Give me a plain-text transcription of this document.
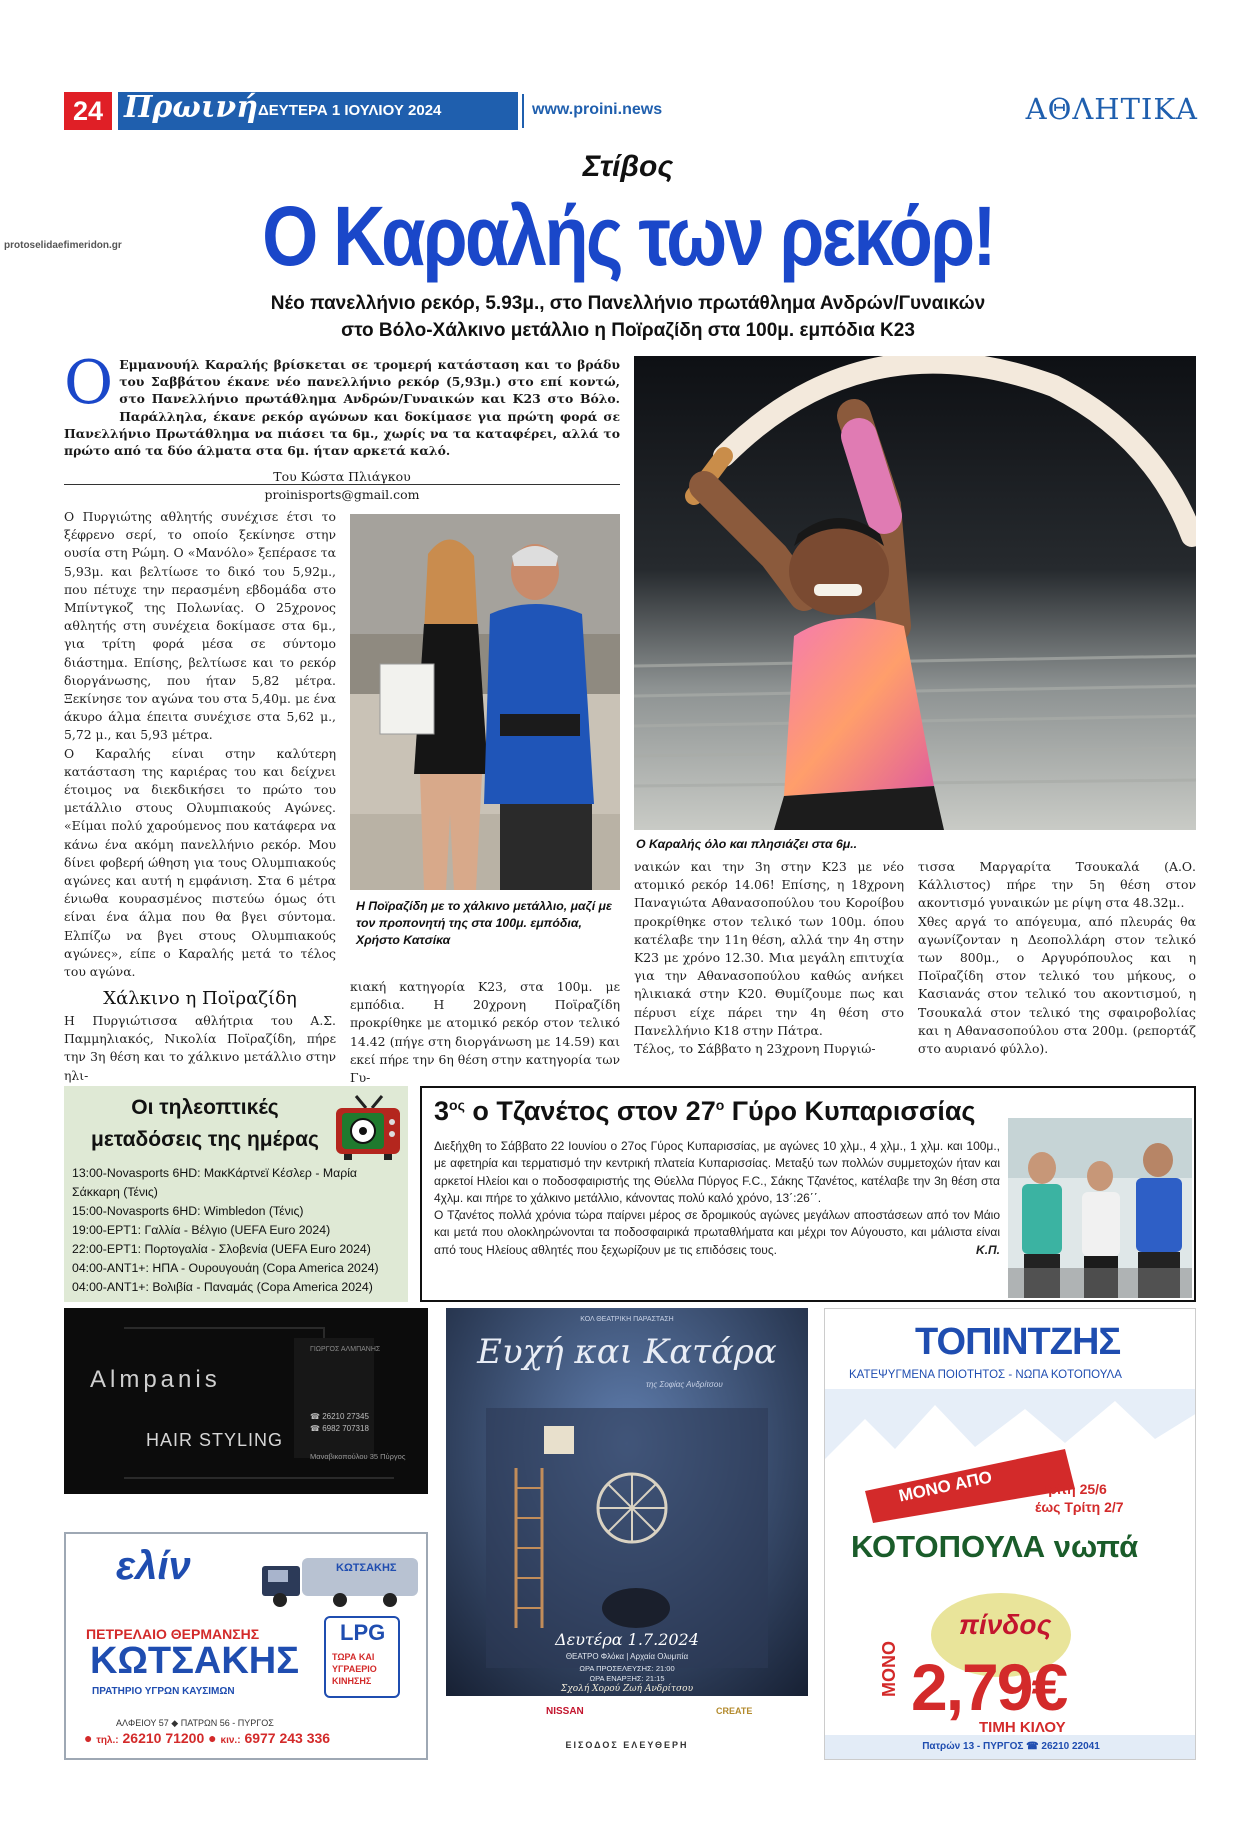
24 Πρωινή ΔΕΥΤΕΡΑ 1 ΙΟΥΛΙΟΥ 2024	www.proini.news	ΑΘΛΗΤΙΚΑ
protoselidaefimeridon.gr
Στίβος
Ο Καραλής των ρεκόρ!
Νέο πανελλήνιο ρεκόρ, 5.93μ., στο Πανελλήνιο πρωτάθλημα Ανδρών/Γυναικών
στο Βόλο-Χάλκινο μετάλλιο η Ποϊραζίδη στα 100μ. εμπόδια Κ23
Ο Εμμανουήλ Καραλής βρίσκεται σε τρομερή κατάσταση και το βράδυ του Σαββάτου έκανε νέο πανελλήνιο ρεκόρ (5,93μ.) στο επί κοντώ, στο Πανελλήνιο πρωτάθλημα Ανδρών/Γυναικών και Κ23 στο Βόλο. Παράλληλα, έκανε ρεκόρ αγώνων και δοκίμασε για πρώτη φορά σε Πανελλήνιο Πρωτάθλημα να πιάσει τα 6μ., χωρίς να τα καταφέρει, αλλά το πρώτο από τα δύο άλματα στα 6μ. ήταν αρκετά καλό.
Του Κώστα Πλιάγκου
proinisports@gmail.com

Ο Πυργιώτης αθλητής συνέχισε έτσι το ξέφρενο σερί, το οποίο ξεκίνησε στην ουσία στη Ρώμη. Ο «Μανόλο» ξεπέρασε τα 5,93μ. και βελτίωσε το δικό του 5,92μ., που πέτυχε την περασμένη εβδομάδα στο Μπίντγκοζ της Πολωνίας. Ο 25χρονος αθλητής στη συνέχεια δοκίμασε στα 6μ., για τρίτη φορά μέσα σε σύντομο διάστημα. Επίσης, βελτίωσε και το ρεκόρ διοργάνωσης, που ήταν 5,82 μέτρα. Ξεκίνησε τον αγώνα του στα 5,40μ. με ένα άκυρο άλμα έπειτα συνέχισε στα 5,62 μ., 5,72 μ., και 5,93 μέτρα.

Ο Καραλής είναι στην καλύτερη κατάσταση της καριέρας του και δείχνει έτοιμος να διεκδικήσει το πρώτο του μετάλλιο στους Ολυμπιακούς Αγώνες. «Είμαι πολύ χαρούμενος που κατάφερα να κάνω ένα ακόμη πανελλήνιο ρεκόρ. Μου δίνει φοβερή ώθηση για τους Ολυμπιακούς αγώνες και αυτή η εμφάνιση. Στα 6 μέτρα ένιωθα κουρασμένος πιστεύω όμως ότι είναι ένα άλμα που θα βγει σύντομα. Ελπίζω να βγει στους Ολυμπιακούς αγώνες», είπε ο Καραλής μετά το τέλος του αγώνα.

Χάλκινο η Ποϊραζίδη

Η Πυργιώτισσα αθλήτρια του Α.Σ. Παμμηλιακός, Νικολία Ποϊραζίδη, πήρε την 3η θέση και το χάλκινο μετάλλιο στην ηλι-

Η Ποϊραζίδη με το χάλκινο μετάλλιο, μαζί με τον προπονητή της στα 100μ. εμπόδια, Χρήστο Κατσίκα
Ο Καραλής όλο και πλησιάζει στα 6μ..

κιακή κατηγορία Κ23, στα 100μ. με εμπόδια. Η 20χρονη Ποϊραζίδη προκρίθηκε με ατομικό ρεκόρ στον τελικό 14.42 (πήγε στη διοργάνωση με 14.59) και εκεί πήρε την 6η θέση στην κατηγορία των Γυ-

ναικών και την 3η στην Κ23 με νέο ατομικό ρεκόρ 14.06! Επίσης, η 18χρονη Παναγιώτα Αθανασοπούλου του Κοροίβου προκρίθηκε στον τελικό των 100μ. όπου κατέλαβε την 11η θέση, αλλά την 4η στην Κ23 με χρόνο 12.30. Μια μεγάλη επιτυχία για την Αθανασοπούλου καθώς ανήκει ηλικιακά στην Κ20. Θυμίζουμε πως και πέρυσι είχε πάρει την 4η θέση στο Πανελλήνιο Κ18 στην Πάτρα.

Τέλος, το Σάββατο η 23χρονη Πυργιώ-

τισσα Μαργαρίτα Τσουκαλά (Α.Ο. Κάλλιστος) πήρε την 5η θέση στον ακοντισμό γυναικών με ρίψη στα 48.32μ..

Χθες αργά το απόγευμα, από πλευράς θα αγωνίζονταν η Δεοπολλάρη στον τελικό των 800μ., ο Αργυρόπουλος και η Ποϊραζίδη στον τελικό του μήκους, ο Κασιανάς στον τελικό του ακοντισμού, η Τσουκαλά στον τελικό της σφαιροβολίας και η Αθανασοπούλου στα 200μ. (ρεπορτάζ στο αυριανό φύλλο).

Οι τηλεοπτικές
μεταδόσεις της ημέρας
13:00-Novasports 6HD: ΜακΚάρτνεϊ Κέσλερ - Μαρία Σάκκαρη (Τένις)
15:00-Novasports 6HD: Wimbledon (Τένις)
19:00-ΕΡΤ1: Γαλλία - Βέλγιο (UEFA Euro 2024)
22:00-ΕΡΤ1: Πορτογαλία - Σλοβενία (UEFA Euro 2024)
04:00-ANT1+: ΗΠΑ - Ουρουγουάη (Copa America 2024)
04:00-ANT1+: Βολιβία - Παναμάς (Copa America 2024)
$3^{o\varsigma}$ ο Τζανέτος στον $27^o$ Γύρο Κυπαρισσίας

Διεξήχθη το Σάββατο 22 Ιουνίου ο 27ος Γύρος Κυπαρισσίας, με αγώνες 10 χλμ., 4 χλμ., 1 χλμ. και 100μ., με αφετηρία και τερματισμό την κεντρική πλατεία Κυπαρισσίας. Μεταξύ των πολλών συμμετοχών ήταν και αρκετοί Ηλείοι και ο ποδοσφαιριστής της Θύελλα Πύργος F.C., Σάκης Τζανέτος, κατέλαβε την 3η θέση στα 4χλμ. και πήρε το χάλκινο μετάλλιο, κάνοντας πολύ καλό χρόνο, 13΄:26΄΄.

Ο Τζανέτος πολλά χρόνια τώρα παίρνει μέρος σε δρομικούς αγώνες μεγάλων αποστάσεων από τον Μάιο και μετά που ολοκληρώνονται τα ποδοσφαιρικά πρωταθλήματα και μέχρι τον Αύγουστο, και μάλιστα είναι από τους Ηλείους αθλητές που ξεχωρίζουν με τις επιδόσεις τους.	Κ.Π.

Almpanis
HAIR STYLING
ΓΙΩΡΓΟΣ ΑΛΜΠΑΝΗΣ
☎ 26210 27345
☎ 6982 707318
Μαναβικοπούλου 35 Πύργος
ελίν	ΚΩΤΣΑΚΗΣ
ΠΕΤΡΕΛΑΙΟ ΘΕΡΜΑΝΣΗΣ
ΚΩΤΣΑΚΗΣ
ΠΡΑΤΗΡΙΟ ΥΓΡΩΝ ΚΑΥΣΙΜΩΝ
LPG
ΤΩΡΑ ΚΑΙ
ΥΓΡΑΕΡΙΟ
ΚΙΝΗΣΗΣ
ΑΛΦΕΙΟΥ 57 ◆ ΠΑΤΡΩΝ 56 - ΠΥΡΓΟΣ
● τηλ.: 26210 71200 ● κιν.: 6977 243 336
ΚΟΛ ΘΕΑΤΡΙΚΗ ΠΑΡΑΣΤΑΣΗ
Ευχή και Κατάρα
της Σοφίας Ανδρίτσου
Δευτέρα 1.7.2024
ΘΕΑΤΡΟ Φλόκα | Αρχαία Ολυμπία
ΩΡΑ ΠΡΟΣΕΛΕΥΣΗΣ: 21:00
ΩΡΑ ΕΝΑΡΞΗΣ: 21:15
Σχολή Χορού Ζωή Ανδρίτσου
NISSAN	CREATE
ΕΙΣΟΔΟΣ ΕΛΕΥΘΕΡΗ
ΤΟΠΙΝΤΖΗΣ
ΚΑΤΕΨΥΓΜΕΝΑ ΠΟΙΟΤΗΤΟΣ - ΝΩΠΑ ΚΟΤΟΠΟΥΛΑ
ΜΟΝΟ ΑΠΟ	• Τρίτη 25/6
έως Τρίτη 2/7
ΚΟΤΟΠΟΥΛΑ νωπά
πίνδος
ΜΟΝΟ 2,79€
ΤΙΜΗ ΚΙΛΟΥ
Πατρών 13 - ΠΥΡΓΟΣ ☎ 26210 22041
